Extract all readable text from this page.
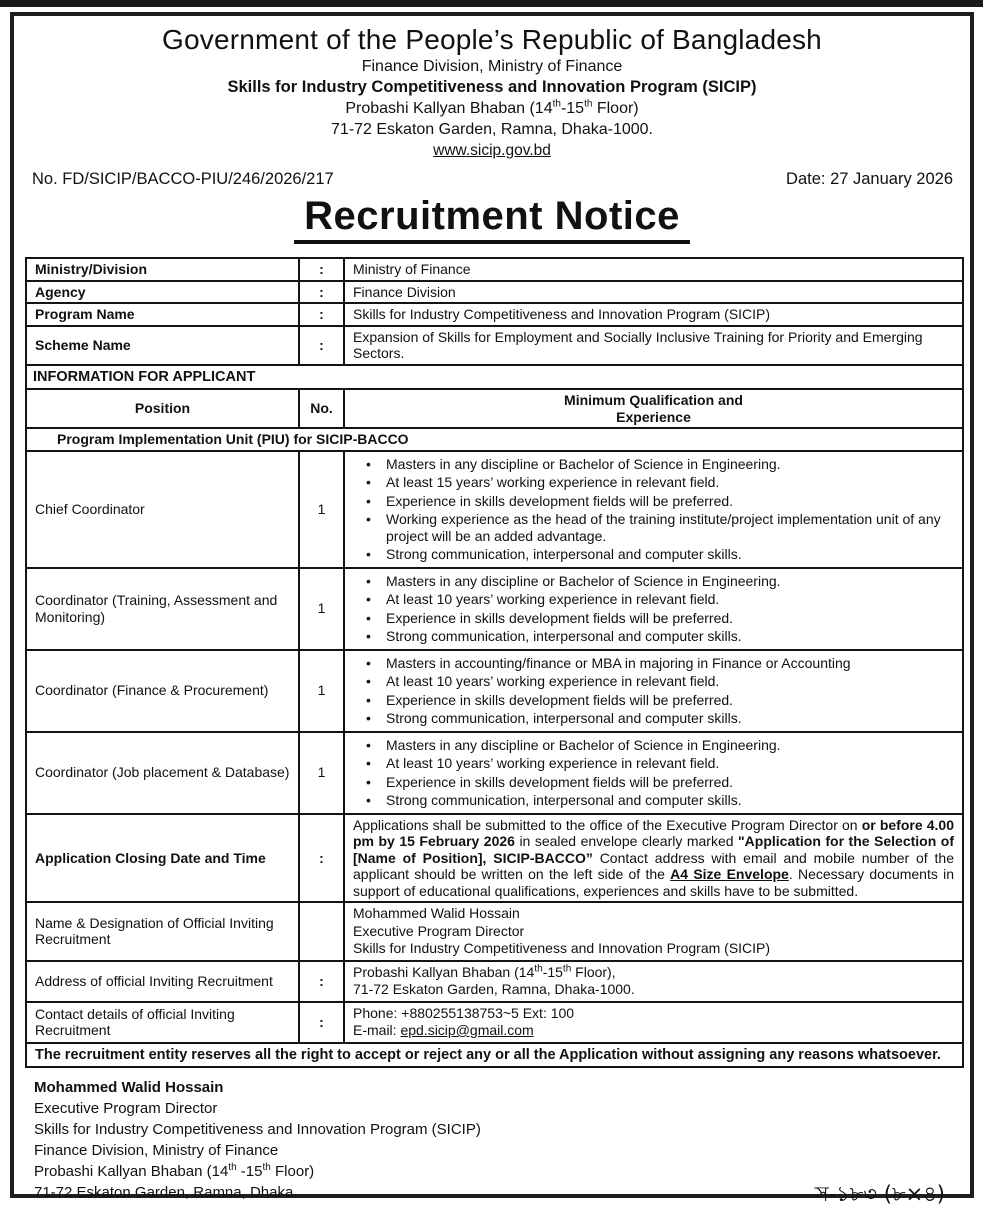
Government of the People’s Republic of Bangladesh
Finance Division, Ministry of Finance
Skills for Industry Competitiveness and Innovation Program (SICIP)
Probashi Kallyan Bhaban (14th-15th Floor)
71-72 Eskaton Garden, Ramna, Dhaka-1000.
www.sicip.gov.bd
No. FD/SICIP/BACCO-PIU/246/2026/217	Date: 27 January 2026
Recruitment Notice
Ministry/Division	:	Ministry of Finance
Agency	:	Finance Division
Program Name	:	Skills for Industry Competitiveness and Innovation Program (SICIP)
Scheme Name	:	Expansion of Skills for Employment and Socially Inclusive Training for Priority and Emerging Sectors.
INFORMATION FOR APPLICANT		
Position	No.	Minimum Qualification and
Experience

Program Implementation Unit (PIU) for SICIP-BACCO		
Chief Coordinator	1	
• Masters in any discipline or Bachelor of Science in Engineering.
• At least 15 years’ working experience in relevant field.
• Experience in skills development fields will be preferred.
• Working experience as the head of the training institute/project implementation unit of any project will be an added advantage.
• Strong communication, interpersonal and computer skills.

Coordinator (Training, Assessment and Monitoring)	1	
• Masters in any discipline or Bachelor of Science in Engineering.
• At least 10 years’ working experience in relevant field.
• Experience in skills development fields will be preferred.
• Strong communication, interpersonal and computer skills.

Coordinator (Finance & Procurement)	1	
• Masters in accounting/finance or MBA in majoring in Finance or Accounting
• At least 10 years’ working experience in relevant field.
• Experience in skills development fields will be preferred.
• Strong communication, interpersonal and computer skills.

Coordinator (Job placement & Database)	1	
• Masters in any discipline or Bachelor of Science in Engineering.
• At least 10 years’ working experience in relevant field.
• Experience in skills development fields will be preferred.
• Strong communication, interpersonal and computer skills.

Application Closing Date and Time	:	Applications shall be submitted to the office of the Executive Program Director on or before 4.00 pm by 15 February 2026 in sealed envelope clearly marked "Application for the Selection of [Name of Position], SICIP-BACCO” Contact address with email and mobile number of the applicant should be written on the left side of the A4 Size Envelope. Necessary documents in support of educational qualifications, experiences and skills have to be submitted.
Name & Designation of Official Inviting Recruitment		Mohammed Walid Hossain
Executive Program Director
Skills for Industry Competitiveness and Innovation Program (SICIP)

Address of official Inviting Recruitment	:	Probashi Kallyan Bhaban (14th-15th Floor),
71-72 Eskaton Garden, Ramna, Dhaka-1000.

Contact details of official Inviting Recruitment	:	Phone: +880255138753~5 Ext: 100
E-mail: epd.sicip@gmail.com

The recruitment entity reserves all the right to accept or reject any or all the Application without assigning any reasons whatsoever.		
Mohammed Walid Hossain
Executive Program Director
Skills for Industry Competitiveness and Innovation Program (SICIP)
Finance Division, Ministry of Finance
Probashi Kallyan Bhaban (14th -15th Floor)
71-72 Eskaton Garden, Ramna, Dhaka.	স-১৮৩ (৮×৪)
